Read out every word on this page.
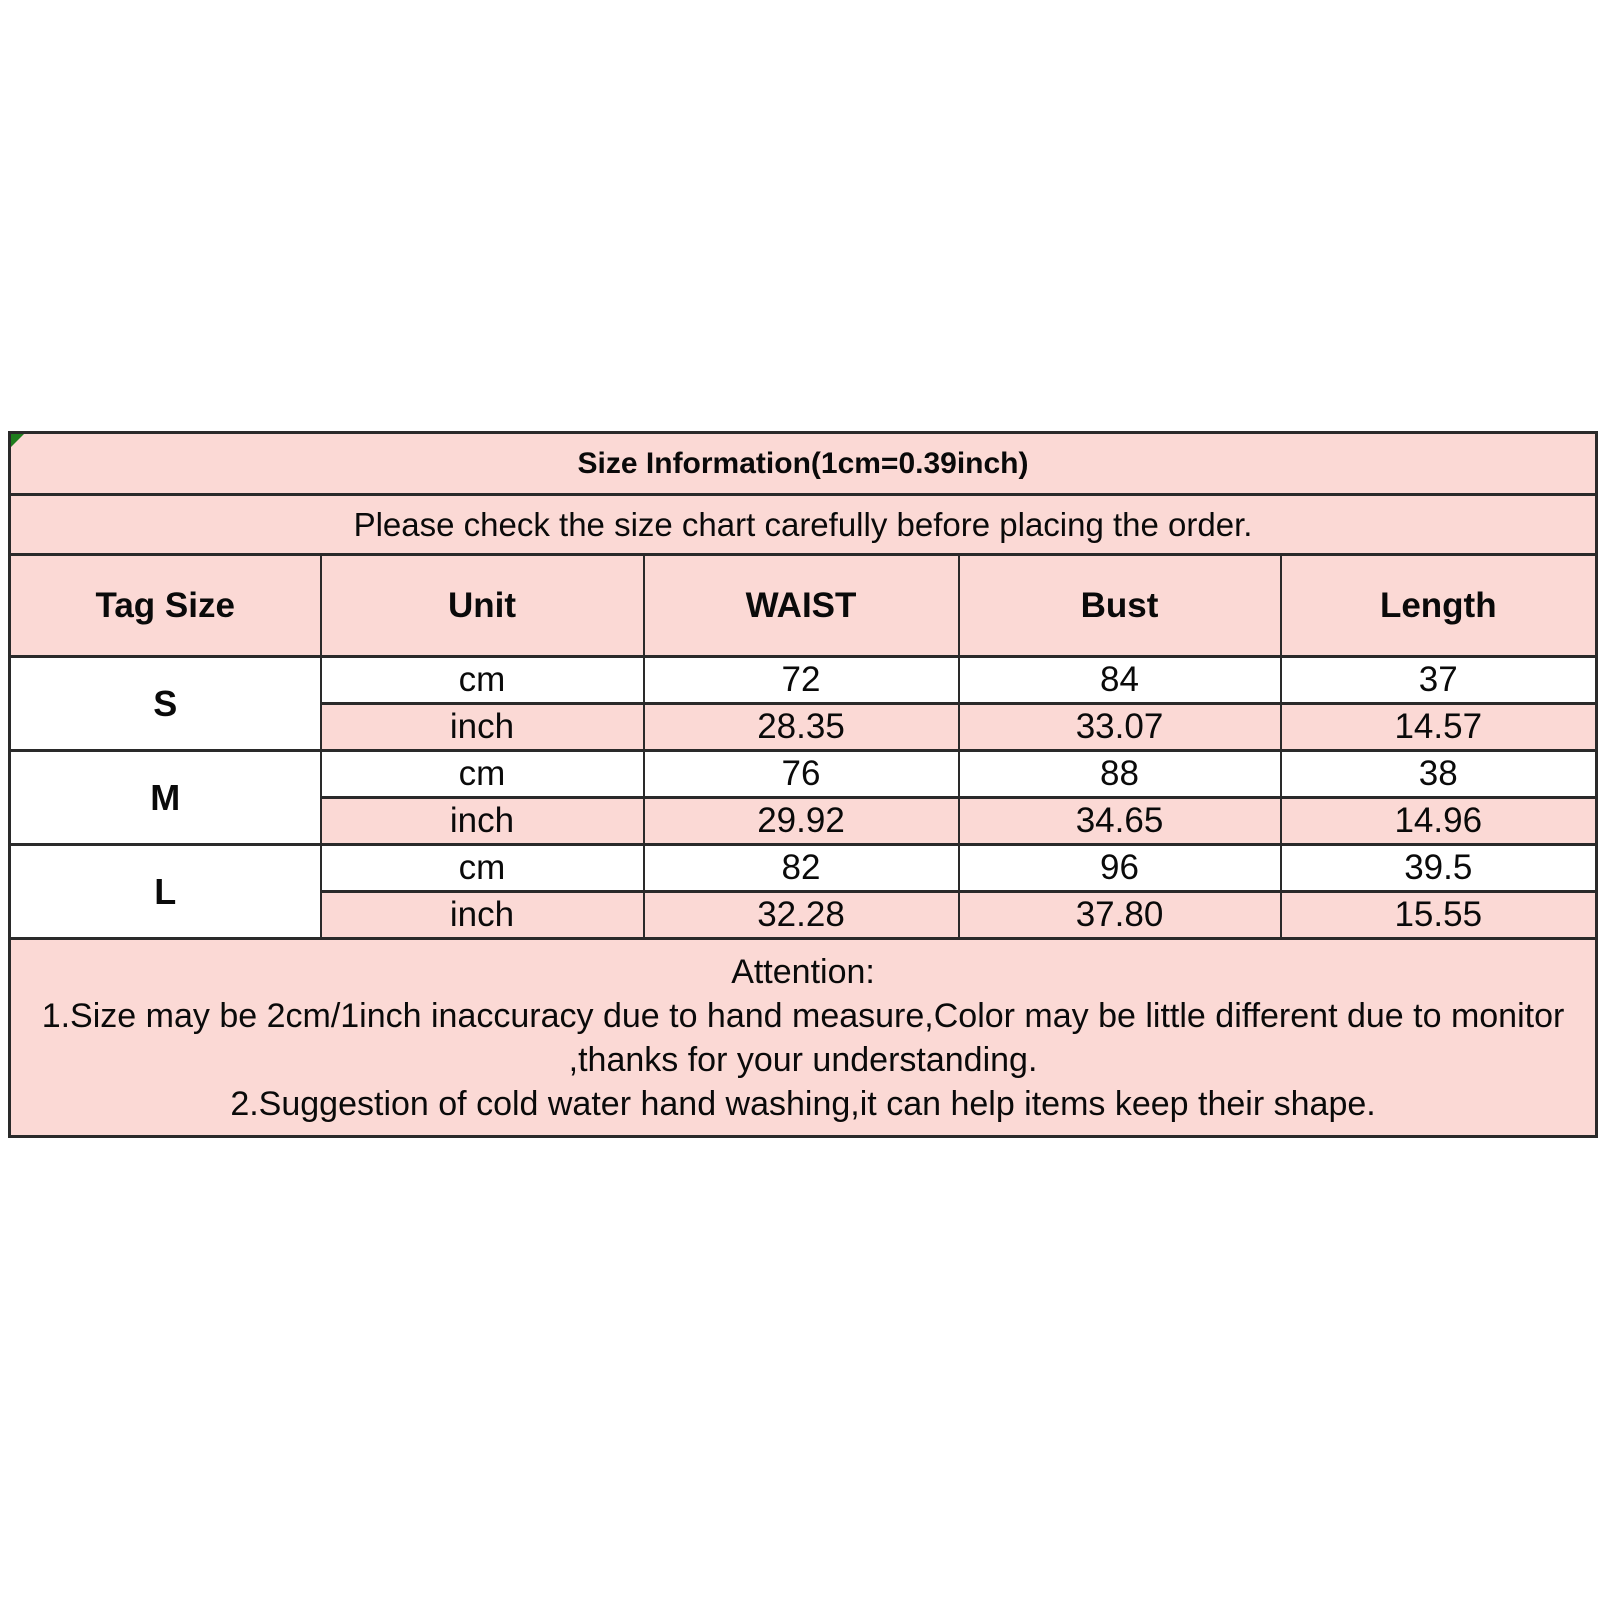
Size Information(1cm=0.39inch)				
Please check the size chart carefully before placing the order.				
Tag Size	Unit	WAIST	Bust	Length
S	cm	72	84	37
	inch	28.35	33.07	14.57
M	cm	76	88	38
	inch	29.92	34.65	14.96
L	cm	82	96	39.5
	inch	32.28	37.80	15.55

Attention:
1.Size may be 2cm/1inch inaccuracy due to hand measure,Color may be little different due to monitor
,thanks for your understanding.
2.Suggestion of cold water hand washing,it can help items keep their shape.				
